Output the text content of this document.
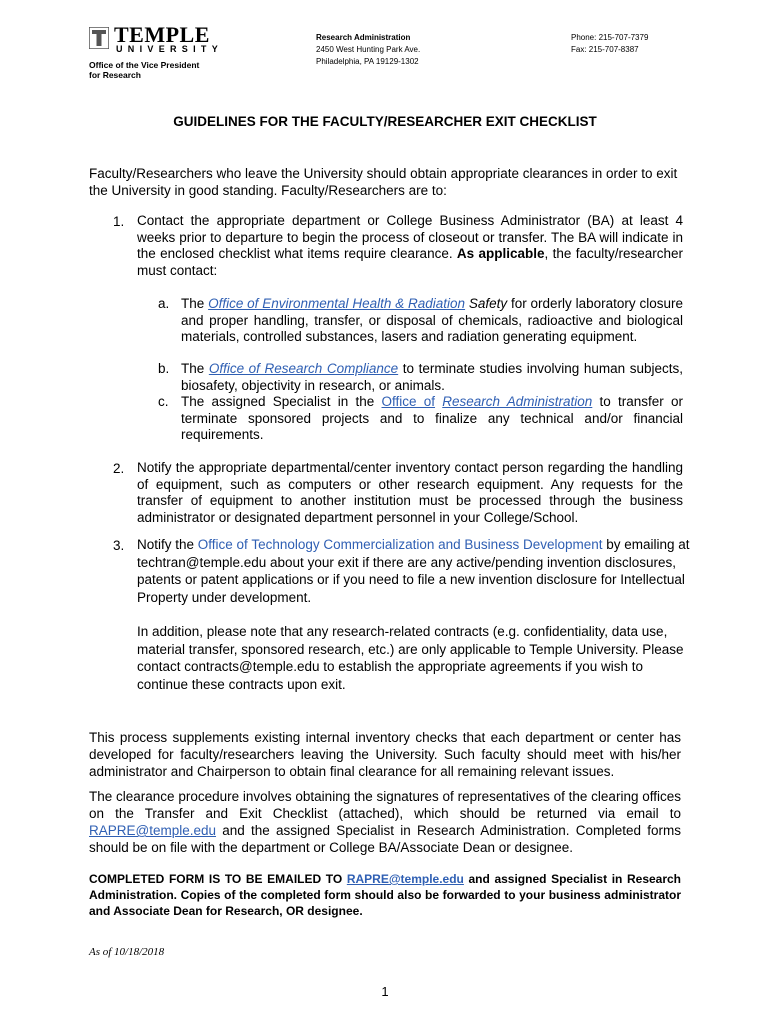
TEMPLE
UNIVERSITY
Office of the Vice President
for Research
Research Administration
2450 West Hunting Park Ave.
Philadelphia, PA 19129-1302
Phone: 215-707-7379
Fax: 215-707-8387
GUIDELINES FOR THE FACULTY/RESEARCHER EXIT CHECKLIST
Faculty/Researchers who leave the University should obtain appropriate clearances in order to exit the University in good standing. Faculty/Researchers are to:
1. Contact the appropriate department or College Business Administrator (BA) at least 4 weeks prior to departure to begin the process of closeout or transfer. The BA will indicate in the enclosed checklist what items require clearance. As applicable, the faculty/researcher must contact:
a. The Office of Environmental Health & Radiation Safety for orderly laboratory closure and proper handling, transfer, or disposal of chemicals, radioactive and biological materials, controlled substances, lasers and radiation generating equipment.
b. The Office of Research Compliance to terminate studies involving human subjects, biosafety, objectivity in research, or animals.
c. The assigned Specialist in the Office of Research Administration to transfer or terminate sponsored projects and to finalize any technical and/or financial requirements.
2. Notify the appropriate departmental/center inventory contact person regarding the handling of equipment, such as computers or other research equipment. Any requests for the transfer of equipment to another institution must be processed through the business administrator or designated department personnel in your College/School.
3. Notify the Office of Technology Commercialization and Business Development by emailing at techtran@temple.edu about your exit if there are any active/pending invention disclosures, patents or patent applications or if you need to file a new invention disclosure for Intellectual Property under development.
In addition, please note that any research-related contracts (e.g. confidentiality, data use, material transfer, sponsored research, etc.) are only applicable to Temple University. Please contact contracts@temple.edu to establish the appropriate agreements if you wish to continue these contracts upon exit.
This process supplements existing internal inventory checks that each department or center has developed for faculty/researchers leaving the University. Such faculty should meet with his/her administrator and Chairperson to obtain final clearance for all remaining relevant issues.
The clearance procedure involves obtaining the signatures of representatives of the clearing offices on the Transfer and Exit Checklist (attached), which should be returned via email to RAPRE@temple.edu and the assigned Specialist in Research Administration. Completed forms should be on file with the department or College BA/Associate Dean or designee.
COMPLETED FORM IS TO BE EMAILED TO RAPRE@temple.edu and assigned Specialist in Research Administration. Copies of the completed form should also be forwarded to your business administrator and Associate Dean for Research, OR designee.
As of 10/18/2018
1
